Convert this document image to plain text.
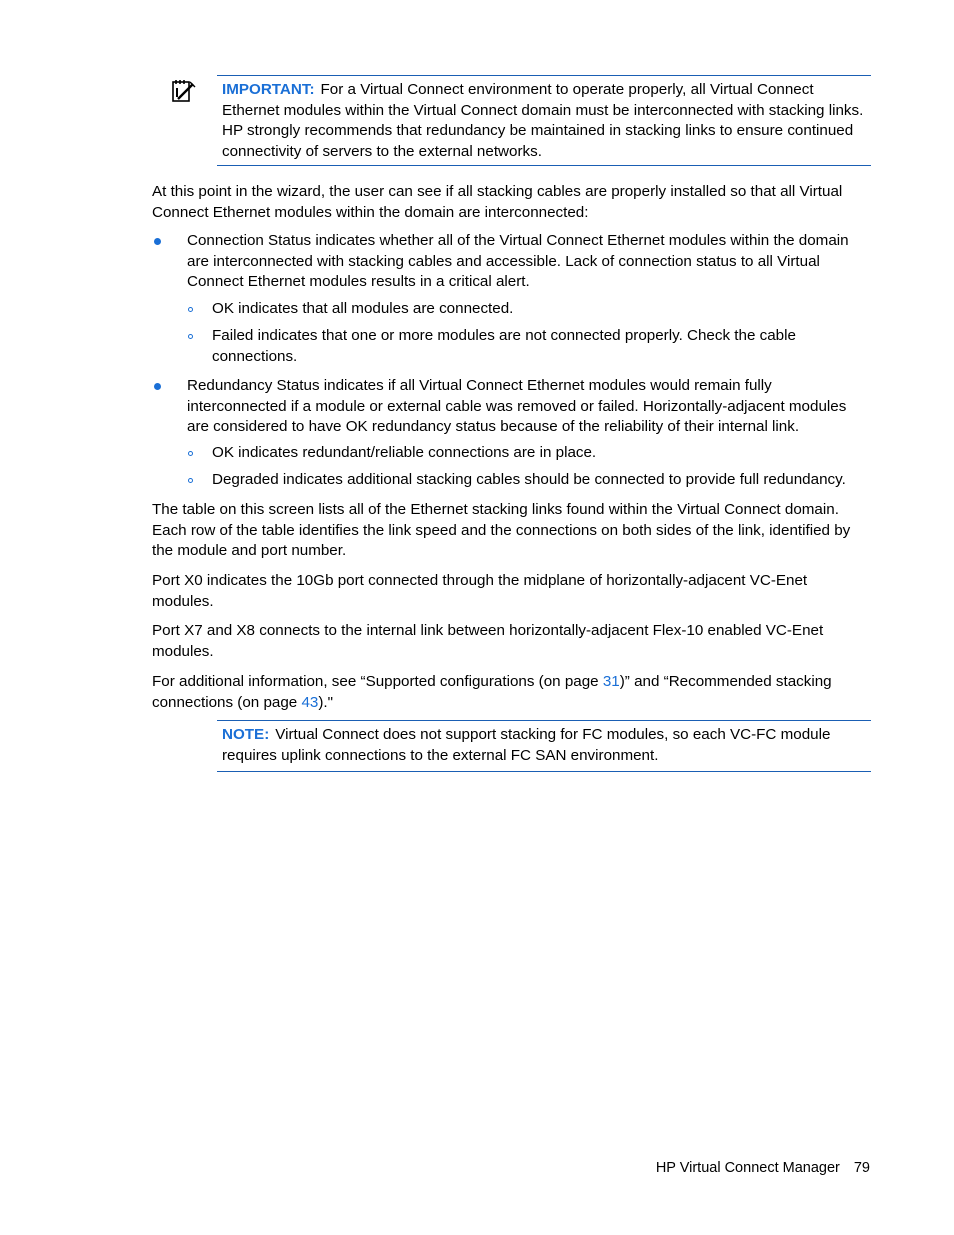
IMPORTANT: For a Virtual Connect environment to operate properly, all Virtual Connect Ethernet modules within the Virtual Connect domain must be interconnected with stacking links. HP strongly recommends that redundancy be maintained in stacking links to ensure continued connectivity of servers to the external networks.

At this point in the wizard, the user can see if all stacking cables are properly installed so that all Virtual Connect Ethernet modules within the domain are interconnected:

Connection Status indicates whether all of the Virtual Connect Ethernet modules within the domain are interconnected with stacking cables and accessible. Lack of connection status to all Virtual Connect Ethernet modules results in a critical alert.
OK indicates that all modules are connected.
Failed indicates that one or more modules are not connected properly. Check the cable connections.
Redundancy Status indicates if all Virtual Connect Ethernet modules would remain fully interconnected if a module or external cable was removed or failed. Horizontally-adjacent modules are considered to have OK redundancy status because of the reliability of their internal link.
OK indicates redundant/reliable connections are in place.
Degraded indicates additional stacking cables should be connected to provide full redundancy.

The table on this screen lists all of the Ethernet stacking links found within the Virtual Connect domain. Each row of the table identifies the link speed and the connections on both sides of the link, identified by the module and port number.

Port X0 indicates the 10Gb port connected through the midplane of horizontally-adjacent VC-Enet modules.

Port X7 and X8 connects to the internal link between horizontally-adjacent Flex-10 enabled VC-Enet modules.

For additional information, see “Supported configurations (on page 31)” and “Recommended stacking connections (on page 43)."

NOTE: Virtual Connect does not support stacking for FC modules, so each VC-FC module requires uplink connections to the external FC SAN environment.
HP Virtual Connect Manager 79
